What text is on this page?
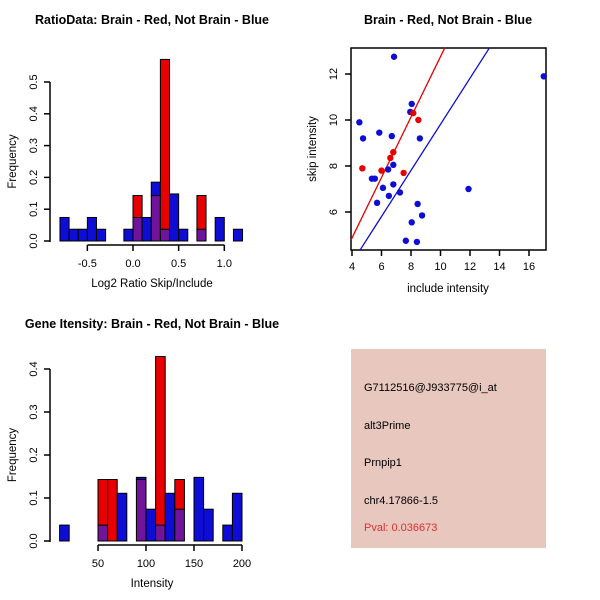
RatioData: Brain - Red, Not Brain - Blue
0.0
0.1
0.2
0.3
0.4
0.5
Frequency
-0.5	0.0	0.5	1.0
Log2 Ratio Skip/Include
Brain - Red, Not Brain - Blue
4 6 8 10 12 14 16
include intensity
6
8
10
12
skip intensity
Gene Itensity: Brain - Red, Not Brain - Blue
0.0
0.1
0.2
0.3
0.4
Frequency
50	100	150	200
Intensity
G7112516@J933775@i_at
alt3Prime
Prnpip1
chr4.17866-1.5
Pval: 0.036673
